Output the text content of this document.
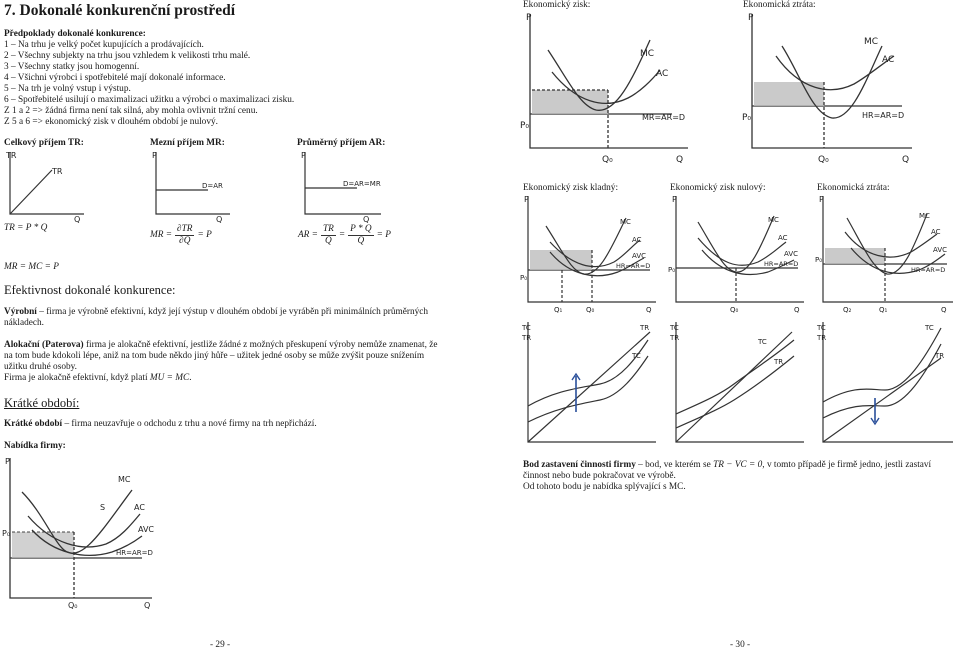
7. Dokonalé konkurenční prostředí
Předpoklady dokonalé konkurence:
1 – Na trhu je velký počet kupujících a prodávajících.
2 – Všechny subjekty na trhu jsou vzhledem k velikosti trhu malé.
3 – Všechny statky jsou homogenní.
4 – Všichni výrobci i spotřebitelé mají dokonalé informace.
5 – Na trh je volný vstup i výstup.
6 – Spotřebitelé usilují o maximalizaci užitku a výrobci o maximalizaci zisku.
Z 1 a 2 => žádná firma není tak silná, aby mohla ovlivnit tržní cenu.
Z 5 a 6 => ekonomický zisk v dlouhém období je nulový.
Celkový příjem TR:	Mezní příjem MR:	Průměrný příjem AR:
TR
TR
Q
P
D=AR
Q
P
D=AR=MR
Q
TR = P * Q
MR = $\frac{\partial TR}{\partial Q} = P$	AR = $\frac{TR}{Q} = \frac{P * Q}{Q} = P$
MR = MC = P
Efektivnost dokonalé konkurence:
Výrobní – firma je výrobně efektivní, když její výstup v dlouhém období je vyráběn při minimálních průměrných nákladech.
Alokační (Paterova) firma je alokačně efektivní, jestliže žádné z možných přeskupení výroby nemůže znamenat, že na tom bude kdokoli lépe, aniž na tom bude někdo jiný hůře – užitek jedné osoby se může zvýšit pouze snížením užitku druhé osoby.
Firma je alokačně efektivní, když platí MU = MC.
Krátké období:
Krátké období – firma neuzavřuje o odchodu z trhu a nové firmy na trh nepřichází.
Nabídka firmy:
P
P₀
MC
S	AC
AVC
HR=AR=D
Q₀	Q
- 29 -
Ekonomický zisk:	Ekonomická ztráta:
P
MC
AC
MR=AR=D
P₀
Q₀	Q
P
MC
AC
HR=AR=D
P₀
Q₀	Q
Ekonomický zisk kladný:	Ekonomický zisk nulový:	Ekonomická ztráta:
P
MC
AC
AVC
HR=AR=D
P₀
Q₁	Q₀	Q
P
MC
AC
AVC
HR=AR=D
P₀
Q₀	Q
P
MC
AC
AVC
HR=AR=D
P₀
Q₂	Q₁	Q
TC
TR
TR
TC
TC
TR	TC
TR
TC
TR
TC
TR
Bod zastavení činnosti firmy – bod, ve kterém se TR − VC = 0, v tomto případě je firmě jedno, jestli zastaví činnost nebo bude pokračovat ve výrobě.
Od tohoto bodu je nabídka splývající s MC.
- 30 -
